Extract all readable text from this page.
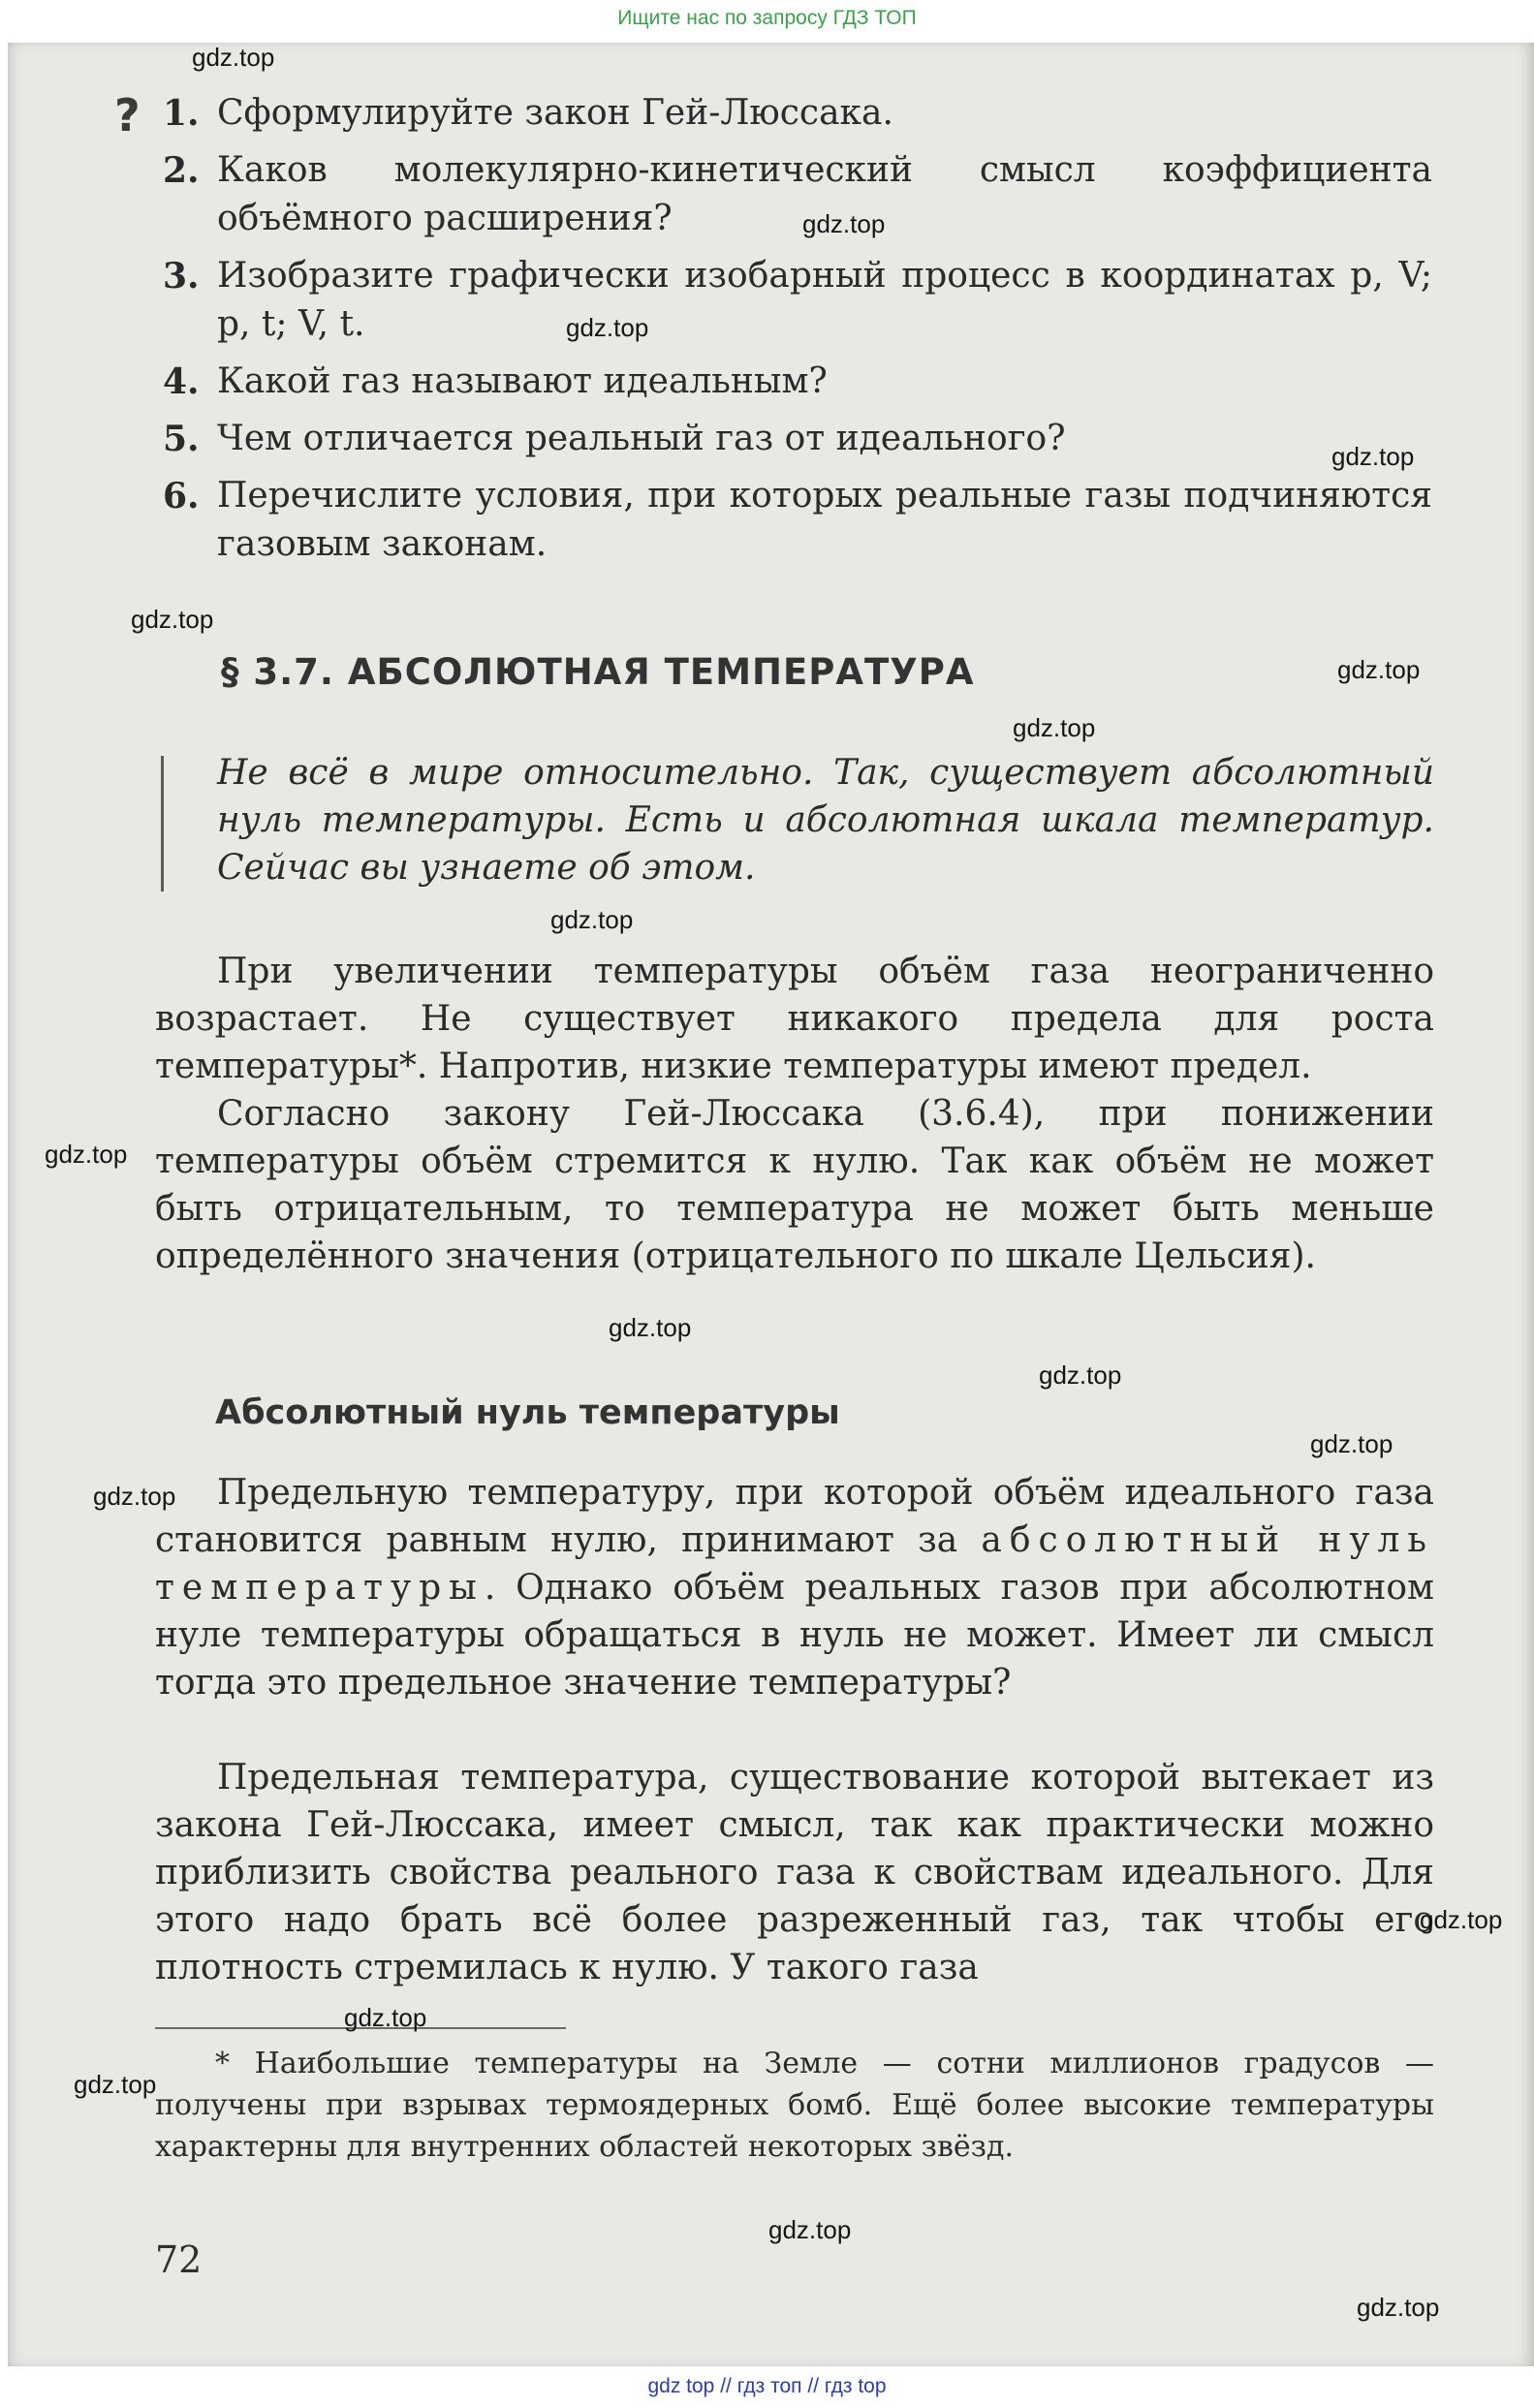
Ищите нас по запросу ГДЗ ТОП
? 1. Сформулируйте закон Гей-Люссака.
2. Каков молекулярно-кинетический смысл коэффициента объёмного расширения?
3. Изобразите графически изобарный процесс в координатах p, V; p, t; V, t.
4. Какой газ называют идеальным?
5. Чем отличается реальный газ от идеального?
6. Перечислите условия, при которых реальные газы подчиняются газовым законам.
§ 3.7. АБСОЛЮТНАЯ ТЕМПЕРАТУРА
Не всё в мире относительно. Так, существует абсолютный нуль температуры. Есть и абсолютная шкала температур. Сейчас вы узнаете об этом.
При увеличении температуры объём газа неограниченно возрастает. Не существует никакого предела для роста температуры*. Напротив, низкие температуры имеют предел.
Согласно закону Гей-Люссака (3.6.4), при понижении температуры объём стремится к нулю. Так как объём не может быть отрицательным, то температура не может быть меньше определённого значения (отрицательного по шкале Цельсия).
Абсолютный нуль температуры
Предельную температуру, при которой объём идеального газа становится равным нулю, принимают за абсолютный нуль температуры. Однако объём реальных газов при абсолютном нуле температуры обращаться в нуль не может. Имеет ли смысл тогда это предельное значение температуры?
Предельная температура, существование которой вытекает из закона Гей-Люссака, имеет смысл, так как практически можно приблизить свойства реального газа к свойствам идеального. Для этого надо брать всё более разреженный газ, так чтобы его плотность стремилась к нулю. У такого газа
* Наибольшие температуры на Земле — сотни миллионов градусов — получены при взрывах термоядерных бомб. Ещё более высокие температуры характерны для внутренних областей некоторых звёзд.
72
gdz.top
gdz.top
gdz.top
gdz.top
gdz.top
gdz.top
gdz.top
gdz.top
gdz.top
gdz.top
gdz.top
gdz.top
gdz.top
gdz.top
gdz.top
gdz.top
gdz.top
gdz.top
gdz top // гдз топ // гдз top
